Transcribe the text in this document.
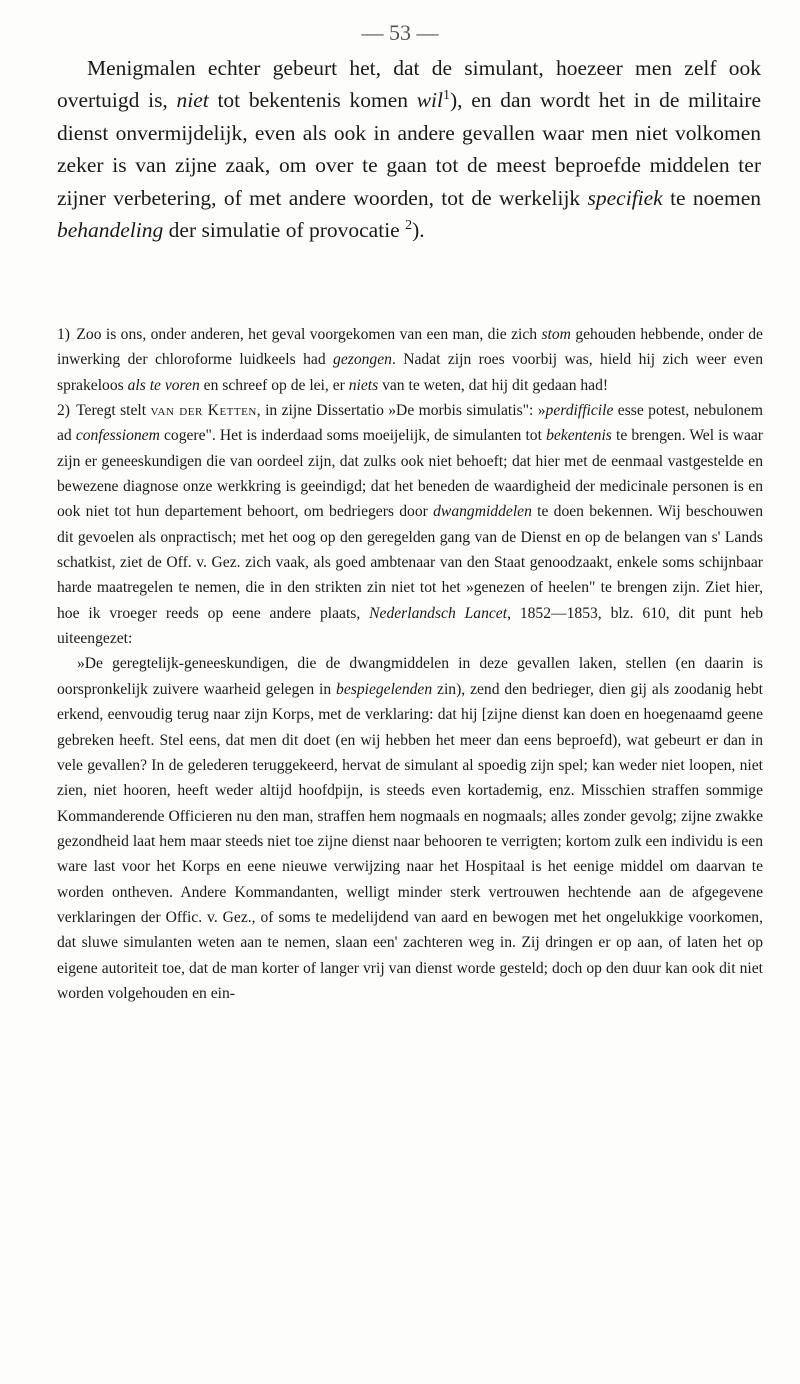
— 53 —

Menigmalen echter gebeurt het, dat de simulant, hoezeer men zelf ook overtuigd is, niet tot bekentenis komen wil$^1$), en dan wordt het in de militaire dienst onvermijdelijk, even als ook in andere gevallen waar men niet volkomen zeker is van zijne zaak, om over te gaan tot de meest beproefde middelen ter zijner verbetering, of met andere woorden, tot de werkelijk specifiek te noemen behandeling der simulatie of provocatie $^2$).

1) Zoo is ons, onder anderen, het geval voorgekomen van een man, die zich stom gehouden hebbende, onder de inwerking der chloroforme luidkeels had gezongen. Nadat zijn roes voorbij was, hield hij zich weer even sprakeloos als te voren en schreef op de lei, er niets van te weten, dat hij dit gedaan had!

2) Teregt stelt van der Ketten, in zijne Dissertatio »De morbis simulatis": »perdifficile esse potest, nebulonem ad confessionem cogere". Het is inderdaad soms moeijelijk, de simulanten tot bekentenis te brengen. Wel is waar zijn er geneeskundigen die van oordeel zijn, dat zulks ook niet behoeft; dat hier met de eenmaal vastgestelde en bewezene diagnose onze werkkring is geeindigd; dat het beneden de waardigheid der medicinale personen is en ook niet tot hun departement behoort, om bedriegers door dwangmiddelen te doen bekennen. Wij beschouwen dit gevoelen als onpractisch; met het oog op den geregelden gang van de Dienst en op de belangen van s' Lands schatkist, ziet de Off. v. Gez. zich vaak, als goed ambtenaar van den Staat genoodzaakt, enkele soms schijnbaar harde maatregelen te nemen, die in den strikten zin niet tot het »genezen of heelen" te brengen zijn. Ziet hier, hoe ik vroeger reeds op eene andere plaats, Nederlandsch Lancet, 1852—1853, blz. 610, dit punt heb uiteengezet:

»De geregtelijk-geneeskundigen, die de dwangmiddelen in deze gevallen laken, stellen (en daarin is oorspronkelijk zuivere waarheid gelegen in bespiegelenden zin), zend den bedrieger, dien gij als zoodanig hebt erkend, eenvoudig terug naar zijn Korps, met de verklaring: dat hij [zijne dienst kan doen en hoegenaamd geene gebreken heeft. Stel eens, dat men dit doet (en wij hebben het meer dan eens beproefd), wat gebeurt er dan in vele gevallen? In de gelederen teruggekeerd, hervat de simulant al spoedig zijn spel; kan weder niet loopen, niet zien, niet hooren, heeft weder altijd hoofdpijn, is steeds even kortademig, enz. Misschien straffen sommige Kommanderende Officieren nu den man, straffen hem nogmaals en nogmaals; alles zonder gevolg; zijne zwakke gezondheid laat hem maar steeds niet toe zijne dienst naar behooren te verrigten; kortom zulk een individu is een ware last voor het Korps en eene nieuwe verwijzing naar het Hospitaal is het eenige middel om daarvan te worden ontheven. Andere Kommandanten, welligt minder sterk vertrouwen hechtende aan de afgegevene verklaringen der Offic. v. Gez., of soms te medelijdend van aard en bewogen met het ongelukkige voorkomen, dat sluwe simulanten weten aan te nemen, slaan een' zachteren weg in. Zij dringen er op aan, of laten het op eigene autoriteit toe, dat de man korter of langer vrij van dienst worde gesteld; doch op den duur kan ook dit niet worden volgehouden en ein-
